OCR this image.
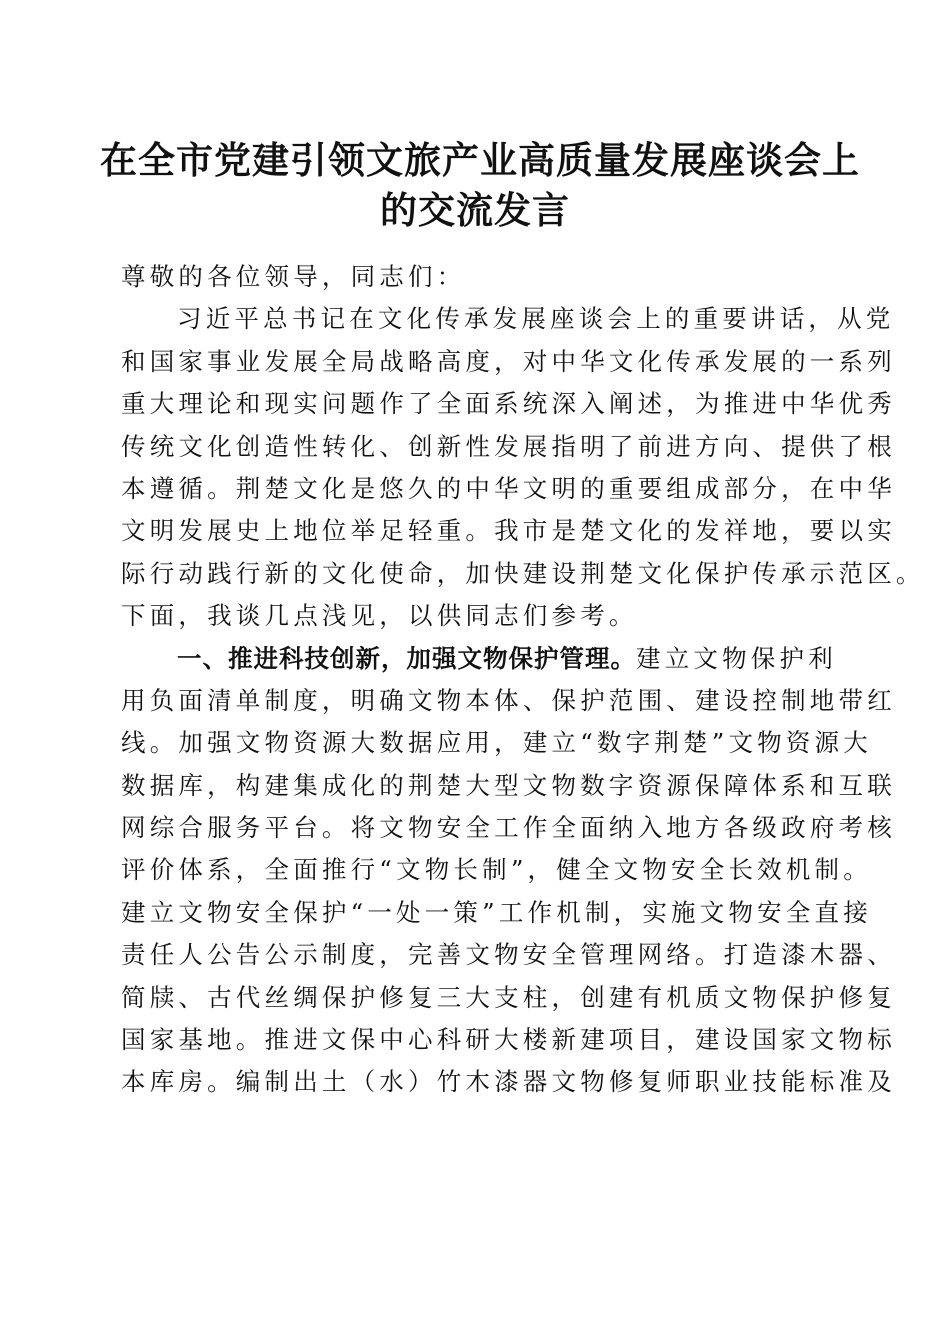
在全市党建引领文旅产业高质量发展座谈会上
的交流发言
尊敬的各位领导，同志们：
习近平总书记在文化传承发展座谈会上的重要讲话，从党
和国家事业发展全局战略高度，对中华文化传承发展的一系列
重大理论和现实问题作了全面系统深入阐述，为推进中华优秀
传统文化创造性转化、创新性发展指明了前进方向、提供了根
本遵循。荆楚文化是悠久的中华文明的重要组成部分，在中华
文明发展史上地位举足轻重。我市是楚文化的发祥地，要以实
际行动践行新的文化使命，加快建设荆楚文化保护传承示范区。
下面，我谈几点浅见，以供同志们参考。
一、推进科技创新，加强文物保护管理。建立文物保护利
用负面清单制度，明确文物本体、保护范围、建设控制地带红
线。加强文物资源大数据应用，建立“数字荆楚”文物资源大
数据库，构建集成化的荆楚大型文物数字资源保障体系和互联
网综合服务平台。将文物安全工作全面纳入地方各级政府考核
评价体系，全面推行“文物长制”，健全文物安全长效机制。
建立文物安全保护“一处一策”工作机制，实施文物安全直接
责任人公告公示制度，完善文物安全管理网络。打造漆木器、
简牍、古代丝绸保护修复三大支柱，创建有机质文物保护修复
国家基地。推进文保中心科研大楼新建项目，建设国家文物标
本库房。编制出土（水）竹木漆器文物修复师职业技能标准及
